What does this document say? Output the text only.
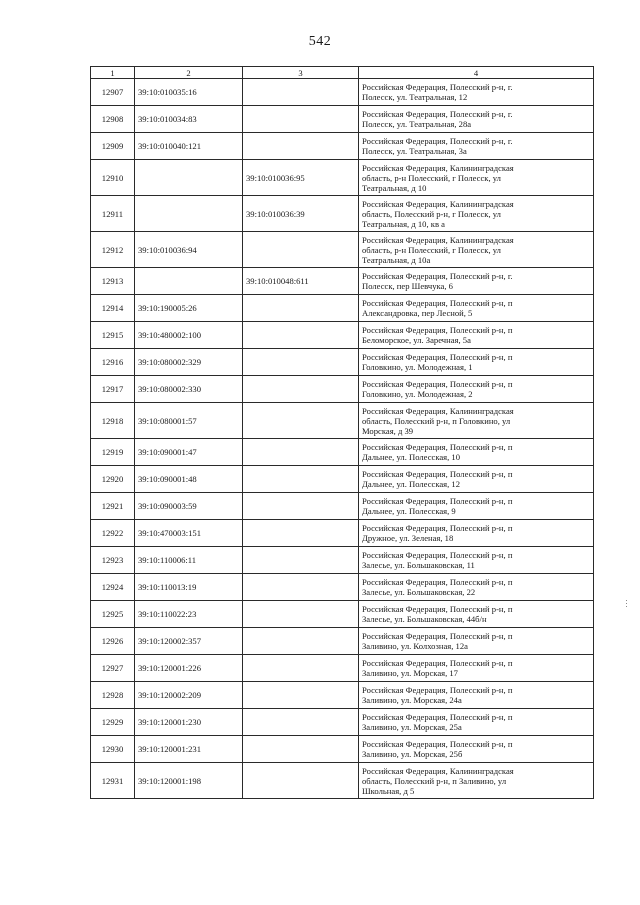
542
1	2	3	4
12907	39:10:010035:16		Российская Федерация, Полесский р-н, г.
Полесск, ул. Театральная, 12

12908	39:10:010034:83		Российская Федерация, Полесский р-н, г.
Полесск, ул. Театральная, 28а

12909	39:10:010040:121		Российская Федерация, Полесский р-н, г.
Полесск, ул. Театральная, 3а

12910		39:10:010036:95	Российская Федерация, Калининградская
область, р-н Полесский, г Полесск, ул
Театральная, д 10

12911		39:10:010036:39	Российская Федерация, Калининградская
область, Полесский р-н, г Полесск, ул
Театральная, д 10, кв а

12912	39:10:010036:94		Российская Федерация, Калининградская
область, р-н Полесский, г Полесск, ул
Театральная, д 10а

12913		39:10:010048:611	Российская Федерация, Полесский р-н, г.
Полесск, пер Шевчука, 6

12914	39:10:190005:26		Российская Федерация, Полесский р-н, п
Александровка, пер Лесной, 5

12915	39:10:480002:100		Российская Федерация, Полесский р-н, п
Беломорское, ул. Заречная, 5а

12916	39:10:080002:329		Российская Федерация, Полесский р-н, п
Головкино, ул. Молодежная, 1

12917	39:10:080002:330		Российская Федерация, Полесский р-н, п
Головкино, ул. Молодежная, 2

12918	39:10:080001:57		Российская Федерация, Калининградская
область, Полесский р-н, п Головкино, ул
Морская, д 39

12919	39:10:090001:47		Российская Федерация, Полесский р-н, п
Дальнее, ул. Полесская, 10

12920	39:10:090001:48		Российская Федерация, Полесский р-н, п
Дальнее, ул. Полесская, 12

12921	39:10:090003:59		Российская Федерация, Полесский р-н, п
Дальнее, ул. Полесская, 9

12922	39:10:470003:151		Российская Федерация, Полесский р-н, п
Дружное, ул. Зеленая, 18

12923	39:10:110006:11		Российская Федерация, Полесский р-н, п
Залесье, ул. Большаковская, 11

12924	39:10:110013:19		Российская Федерация, Полесский р-н, п
Залесье, ул. Большаковская, 22

12925	39:10:110022:23		Российская Федерация, Полесский р-н, п
Залесье, ул. Большаковская, 44б/н

12926	39:10:120002:357		Российская Федерация, Полесский р-н, п
Заливино, ул. Колхозная, 12а

12927	39:10:120001:226		Российская Федерация, Полесский р-н, п
Заливино, ул. Морская, 17

12928	39:10:120002:209		Российская Федерация, Полесский р-н, п
Заливино, ул. Морская, 24а

12929	39:10:120001:230		Российская Федерация, Полесский р-н, п
Заливино, ул. Морская, 25а

12930	39:10:120001:231		Российская Федерация, Полесский р-н, п
Заливино, ул. Морская, 25б

12931	39:10:120001:198		Российская Федерация, Калининградская
область, Полесский р-н, п Заливино, ул
Школьная, д 5
